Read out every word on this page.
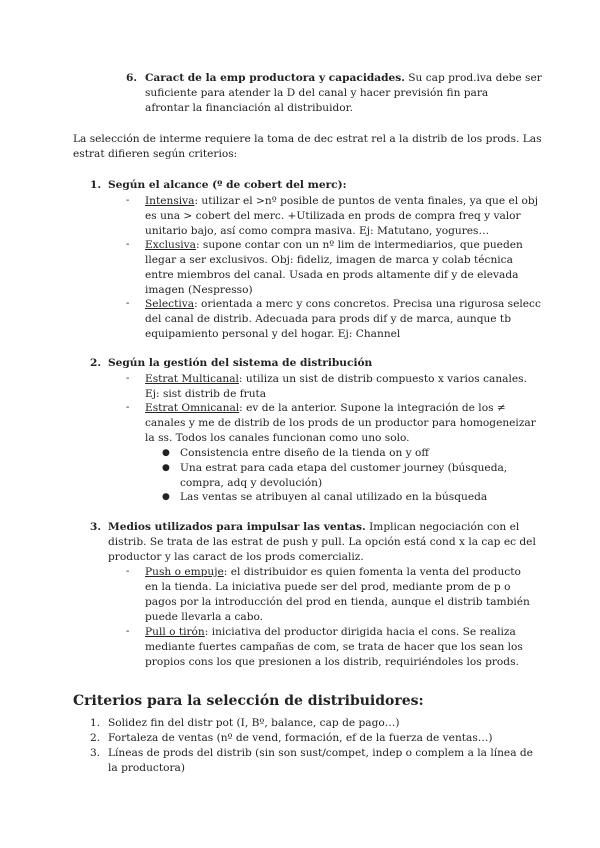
6. Caract de la emp productora y capacidades. Su cap prod.iva debe ser
suficiente para atender la D del canal y hacer previsión fin para
afrontar la financiación al distribuidor.
La selección de interme requiere la toma de dec estrat rel a la distrib de los prods. Las
estrat difieren según criterios:
1. Según el alcance (º de cobert del merc):
- Intensiva: utilizar el >nº posible de puntos de venta finales, ya que el obj
es una > cobert del merc. +Utilizada en prods de compra freq y valor
unitario bajo, así como compra masiva. Ej: Matutano, yogures…
- Exclusiva: supone contar con un nº lim de intermediarios, que pueden
llegar a ser exclusivos. Obj: fideliz, imagen de marca y colab técnica
entre miembros del canal. Usada en prods altamente dif y de elevada
imagen (Nespresso)
- Selectiva: orientada a merc y cons concretos. Precisa una rigurosa selecc
del canal de distrib. Adecuada para prods dif y de marca, aunque tb
equipamiento personal y del hogar. Ej: Channel
2. Según la gestión del sistema de distribución
- Estrat Multicanal: utiliza un sist de distrib compuesto x varios canales.
Ej: sist distrib de fruta
- Estrat Omnicanal: ev de la anterior. Supone la integración de los ≠
canales y me de distrib de los prods de un productor para homogeneizar
la ss. Todos los canales funcionan como uno solo.
● Consistencia entre diseño de la tienda on y off
● Una estrat para cada etapa del customer journey (búsqueda,
compra, adq y devolución)
● Las ventas se atribuyen al canal utilizado en la búsqueda
3. Medios utilizados para impulsar las ventas. Implican negociación con el
distrib. Se trata de las estrat de push y pull. La opción está cond x la cap ec del
productor y las caract de los prods comercializ.
- Push o empuje: el distribuidor es quien fomenta la venta del producto
en la tienda. La iniciativa puede ser del prod, mediante prom de p o
pagos por la introducción del prod en tienda, aunque el distrib también
puede llevarla a cabo.
- Pull o tirón: iniciativa del productor dirigida hacia el cons. Se realiza
mediante fuertes campañas de com, se trata de hacer que los sean los
propios cons los que presionen a los distrib, requiriéndoles los prods.
Criterios para la selección de distribuidores:
1. Solidez fin del distr pot (I, Bº, balance, cap de pago…)
2. Fortaleza de ventas (nº de vend, formación, ef de la fuerza de ventas…)
3. Líneas de prods del distrib (sin son sust/compet, indep o complem a la línea de
la productora)
